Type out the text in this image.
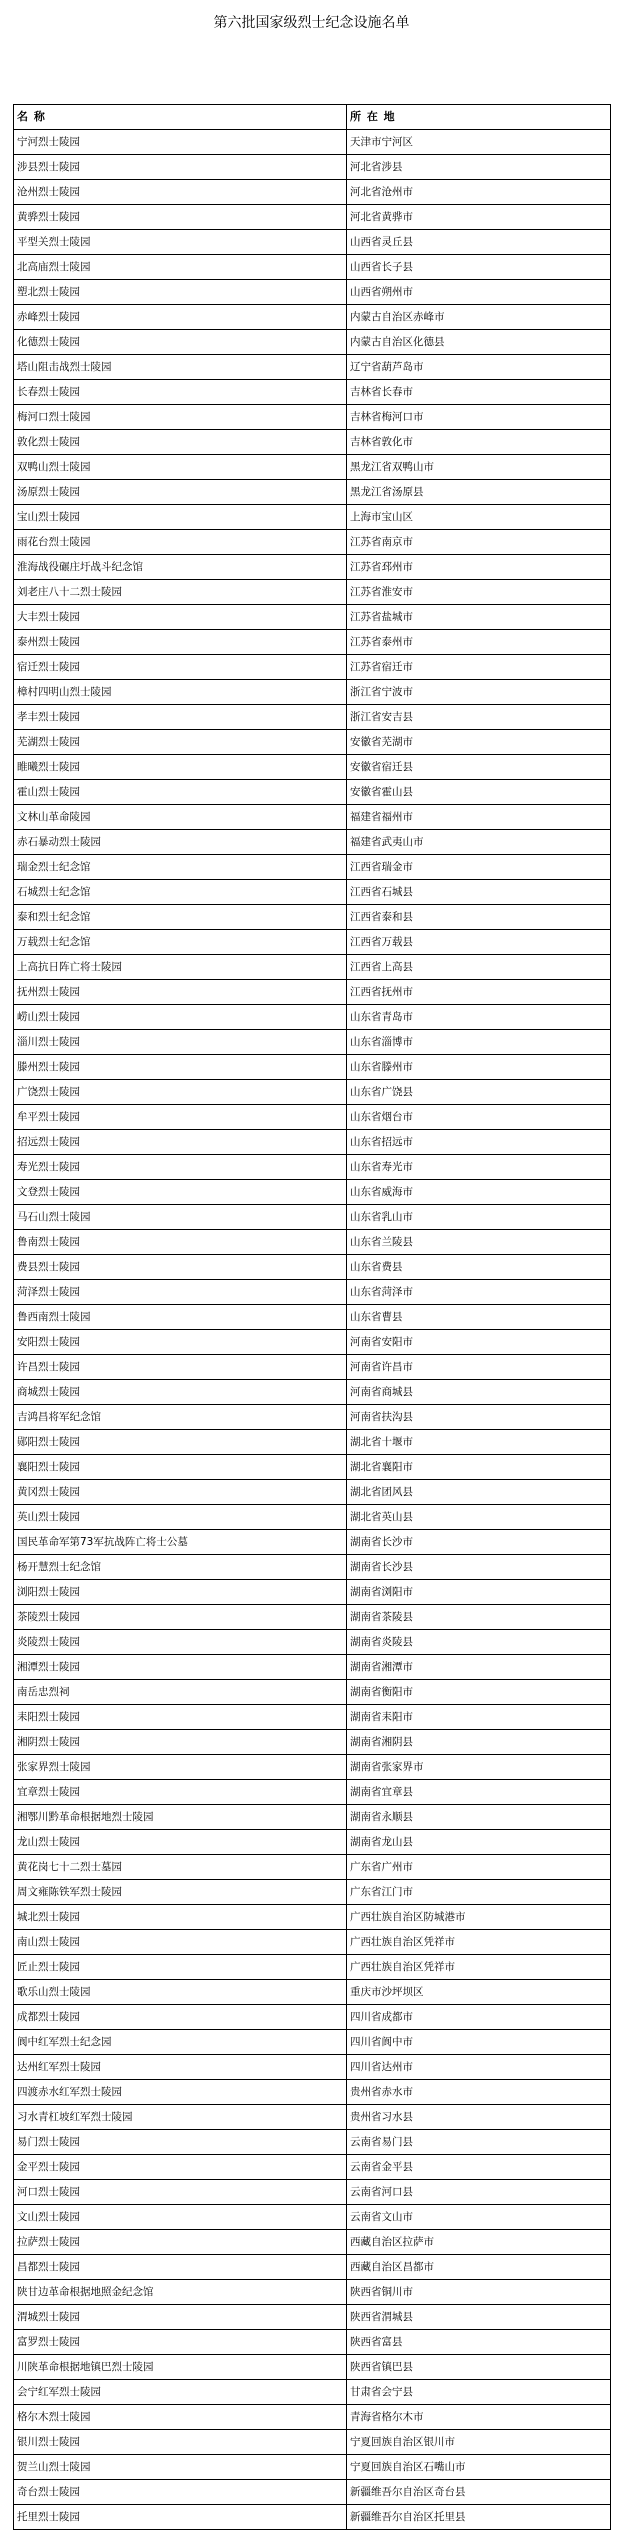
第六批国家级烈士纪念设施名单
名 称	所 在 地
宁河烈士陵园	天津市宁河区
涉县烈士陵园	河北省涉县
沧州烈士陵园	河北省沧州市
黄骅烈士陵园	河北省黄骅市
平型关烈士陵园	山西省灵丘县
北高庙烈士陵园	山西省长子县
塑北烈士陵园	山西省朔州市
赤峰烈士陵园	内蒙古自治区赤峰市
化德烈士陵园	内蒙古自治区化德县
塔山阻击战烈士陵园	辽宁省葫芦岛市
长春烈士陵园	吉林省长春市
梅河口烈士陵园	吉林省梅河口市
敦化烈士陵园	吉林省敦化市
双鸭山烈士陵园	黑龙江省双鸭山市
汤原烈士陵园	黑龙江省汤原县
宝山烈士陵园	上海市宝山区
雨花台烈士陵园	江苏省南京市
淮海战役碾庄圩战斗纪念馆	江苏省邳州市
刘老庄八十二烈士陵园	江苏省淮安市
大丰烈士陵园	江苏省盐城市
泰州烈士陵园	江苏省泰州市
宿迁烈士陵园	江苏省宿迁市
樟村四明山烈士陵园	浙江省宁波市
孝丰烈士陵园	浙江省安吉县
芜湖烈士陵园	安徽省芜湖市
睢曦烈士陵园	安徽省宿迁县
霍山烈士陵园	安徽省霍山县
文林山革命陵园	福建省福州市
赤石暴动烈士陵园	福建省武夷山市
瑞金烈士纪念馆	江西省瑞金市
石城烈士纪念馆	江西省石城县
泰和烈士纪念馆	江西省泰和县
万载烈士纪念馆	江西省万载县
上高抗日阵亡将士陵园	江西省上高县
抚州烈士陵园	江西省抚州市
崂山烈士陵园	山东省青岛市
淄川烈士陵园	山东省淄博市
滕州烈士陵园	山东省滕州市
广饶烈士陵园	山东省广饶县
牟平烈士陵园	山东省烟台市
招远烈士陵园	山东省招远市
寿光烈士陵园	山东省寿光市
文登烈士陵园	山东省威海市
马石山烈士陵园	山东省乳山市
鲁南烈士陵园	山东省兰陵县
费县烈士陵园	山东省费县
菏泽烈士陵园	山东省菏泽市
鲁西南烈士陵园	山东省曹县
安阳烈士陵园	河南省安阳市
许昌烈士陵园	河南省许昌市
商城烈士陵园	河南省商城县
吉鸿昌将军纪念馆	河南省扶沟县
郧阳烈士陵园	湖北省十堰市
襄阳烈士陵园	湖北省襄阳市
黄冈烈士陵园	湖北省团风县
英山烈士陵园	湖北省英山县
国民革命军第73军抗战阵亡将士公墓	湖南省长沙市
杨开慧烈士纪念馆	湖南省长沙县
浏阳烈士陵园	湖南省浏阳市
茶陵烈士陵园	湖南省茶陵县
炎陵烈士陵园	湖南省炎陵县
湘潭烈士陵园	湖南省湘潭市
南岳忠烈祠	湖南省衡阳市
耒阳烈士陵园	湖南省耒阳市
湘阴烈士陵园	湖南省湘阴县
张家界烈士陵园	湖南省张家界市
宜章烈士陵园	湖南省宜章县
湘鄂川黔革命根据地烈士陵园	湖南省永顺县
龙山烈士陵园	湖南省龙山县
黄花岗七十二烈士墓园	广东省广州市
周文雍陈铁军烈士陵园	广东省江门市
城北烈士陵园	广西壮族自治区防城港市
南山烈士陵园	广西壮族自治区凭祥市
匠止烈士陵园	广西壮族自治区凭祥市
歌乐山烈士陵园	重庆市沙坪坝区
成都烈士陵园	四川省成都市
阆中红军烈士纪念园	四川省阆中市
达州红军烈士陵园	四川省达州市
四渡赤水红军烈士陵园	贵州省赤水市
习水青杠坡红军烈士陵园	贵州省习水县
易门烈士陵园	云南省易门县
金平烈士陵园	云南省金平县
河口烈士陵园	云南省河口县
文山烈士陵园	云南省文山市
拉萨烈士陵园	西藏自治区拉萨市
昌都烈士陵园	西藏自治区昌都市
陕甘边革命根据地照金纪念馆	陕西省铜川市
渭城烈士陵园	陕西省渭城县
富罗烈士陵园	陕西省富县
川陕革命根据地镇巴烈士陵园	陕西省镇巴县
会宁红军烈士陵园	甘肃省会宁县
格尔木烈士陵园	青海省格尔木市
银川烈士陵园	宁夏回族自治区银川市
贺兰山烈士陵园	宁夏回族自治区石嘴山市
奇台烈士陵园	新疆维吾尔自治区奇台县
托里烈士陵园	新疆维吾尔自治区托里县
